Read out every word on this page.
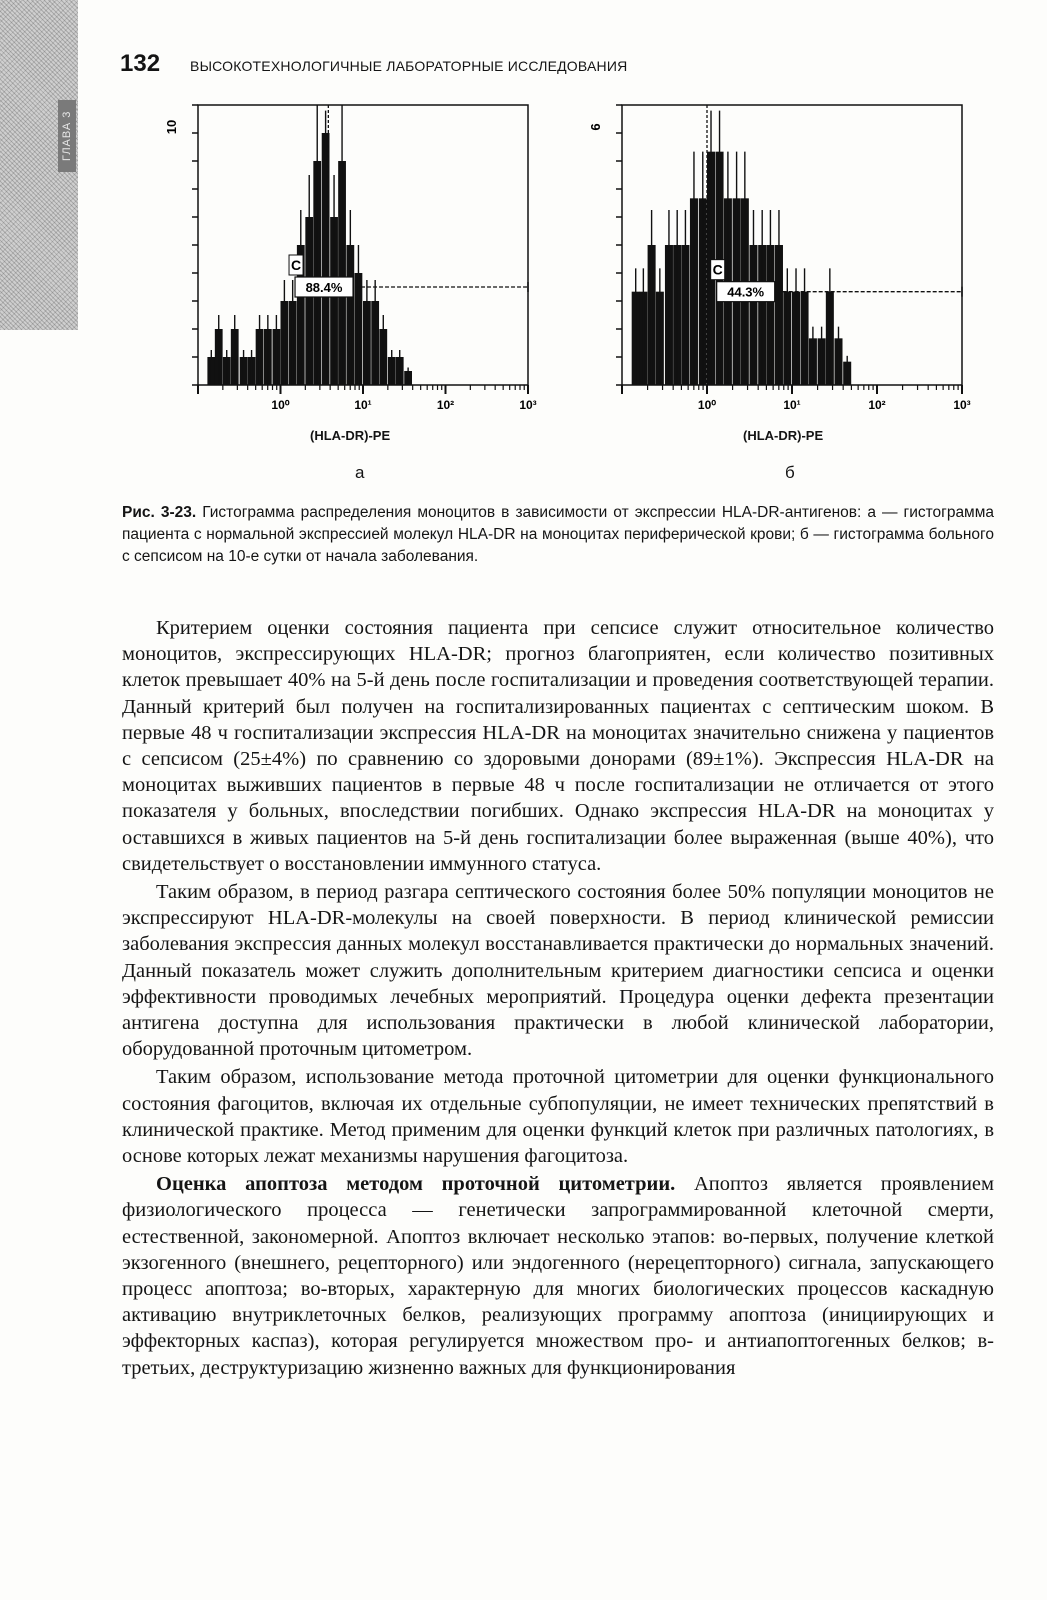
ГЛАВА 3
132 ВЫСОКОТЕХНОЛОГИЧНЫЕ ЛАБОРАТОРНЫЕ ИССЛЕДОВАНИЯ
10
10⁰	10¹	10²	10³
88.4%
C
6
10⁰	10¹	10²	10³
44.3%
C
(HLA-DR)-PE	(HLA-DR)-PE
а	б
Рис. 3-23. Гистограмма распределения моноцитов в зависимости от экспрессии HLA-DR-антигенов: а — гистограмма пациента с нормальной экспрессией молекул HLA-DR на моноцитах периферической крови; б — гистограмма больного с сепсисом на 10-е сутки от начала заболевания.

Критерием оценки состояния пациента при сепсисе служит относительное количество моноцитов, экспрессирующих HLA-DR; прогноз благоприятен, если количество позитивных клеток превышает 40% на 5-й день после госпитализации и проведения соответствующей терапии. Данный критерий был получен на госпитализированных пациентах с септическим шоком. В первые 48 ч госпитализации экспрессия HLA-DR на моноцитах значительно снижена у пациентов с сепсисом (25±4%) по сравнению со здоровыми донорами (89±1%). Экспрессия HLA-DR на моноцитах выживших пациентов в первые 48 ч после госпитализации не отличается от этого показателя у больных, впоследствии погибших. Однако экспрессия HLA-DR на моноцитах у оставшихся в живых пациентов на 5-й день госпитализации более выраженная (выше 40%), что свидетельствует о восстановлении иммунного статуса.

Таким образом, в период разгара септического состояния более 50% популяции моноцитов не экспрессируют HLA-DR-молекулы на своей поверхности. В период клинической ремиссии заболевания экспрессия данных молекул восстанавливается практически до нормальных значений. Данный показатель может служить дополнительным критерием диагностики сепсиса и оценки эффективности проводимых лечебных мероприятий. Процедура оценки дефекта презентации антигена доступна для использования практически в любой клинической лаборатории, оборудованной проточным цитометром.

Таким образом, использование метода проточной цитометрии для оценки функционального состояния фагоцитов, включая их отдельные субпопуляции, не имеет технических препятствий в клинической практике. Метод применим для оценки функций клеток при различных патологиях, в основе которых лежат механизмы нарушения фагоцитоза.

Оценка апоптоза методом проточной цитометрии. Апоптоз является проявлением физиологического процесса — генетически запрограммированной клеточной смерти, естественной, закономерной. Апоптоз включает несколько этапов: во-первых, получение клеткой экзогенного (внешнего, рецепторного) или эндогенного (нерецепторного) сигнала, запускающего процесс апоптоза; во-вторых, характерную для многих биологических процессов каскадную активацию внутриклеточных белков, реализующих программу апоптоза (инициирующих и эффекторных каспаз), которая регулируется множеством про- и антиапоптогенных белков; в-третьих, деструктуризацию жизненно важных для функционирования
